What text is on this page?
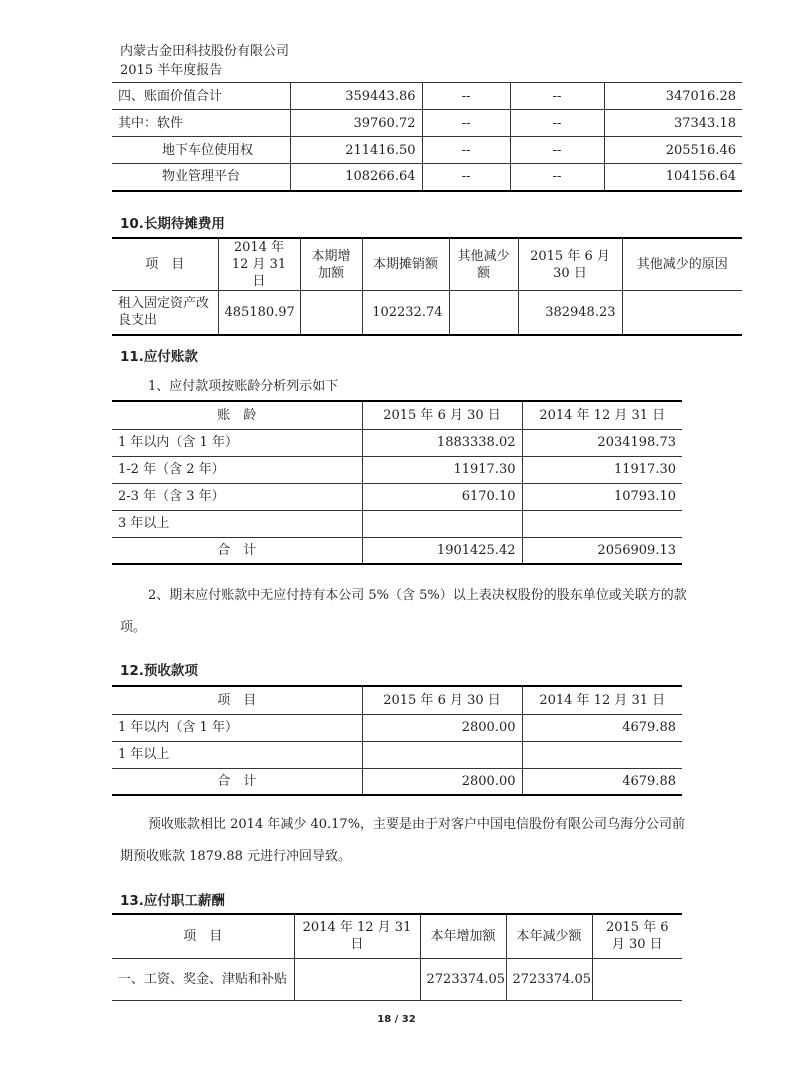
内蒙古金田科技股份有限公司
2015 半年度报告
四、账面价值合计	359443.86	--	--	347016.28
其中：软件	39760.72	--	--	37343.18
地下车位使用权	211416.50	--	--	205516.46
物业管理平台	108266.64	--	--	104156.64
10.长期待摊费用
项　目	2014 年 12 月 31 日	本期增加额	本期摊销额	其他减少额	2015 年 6 月 30 日	其他减少的原因
租入固定资产改良支出	485180.97		102232.74		382948.23	
11.应付账款
1、应付款项按账龄分析列示如下
账　龄	2015 年 6 月 30 日	2014 年 12 月 31 日
1 年以内（含 1 年）	1883338.02	2034198.73
1-2 年（含 2 年）	11917.30	11917.30
2-3 年（含 3 年）	6170.10	10793.10
3 年以上		
合　计	1901425.42	2056909.13
2、期末应付账款中无应付持有本公司 5%（含 5%）以上表决权股份的股东单位或关联方的款项。
12.预收款项
项　目	2015 年 6 月 30 日	2014 年 12 月 31 日
1 年以内（含 1 年）	2800.00	4679.88
1 年以上		
合　计	2800.00	4679.88
预收账款相比 2014 年减少 40.17%，主要是由于对客户中国电信股份有限公司乌海分公司前期预收账款 1879.88 元进行冲回导致。
13.应付职工薪酬
项　目	2014 年 12 月 31 日	本年增加额	本年减少额	2015 年 6 月 30 日
一、工资、奖金、津贴和补贴		2723374.05	2723374.05	
18 / 32
